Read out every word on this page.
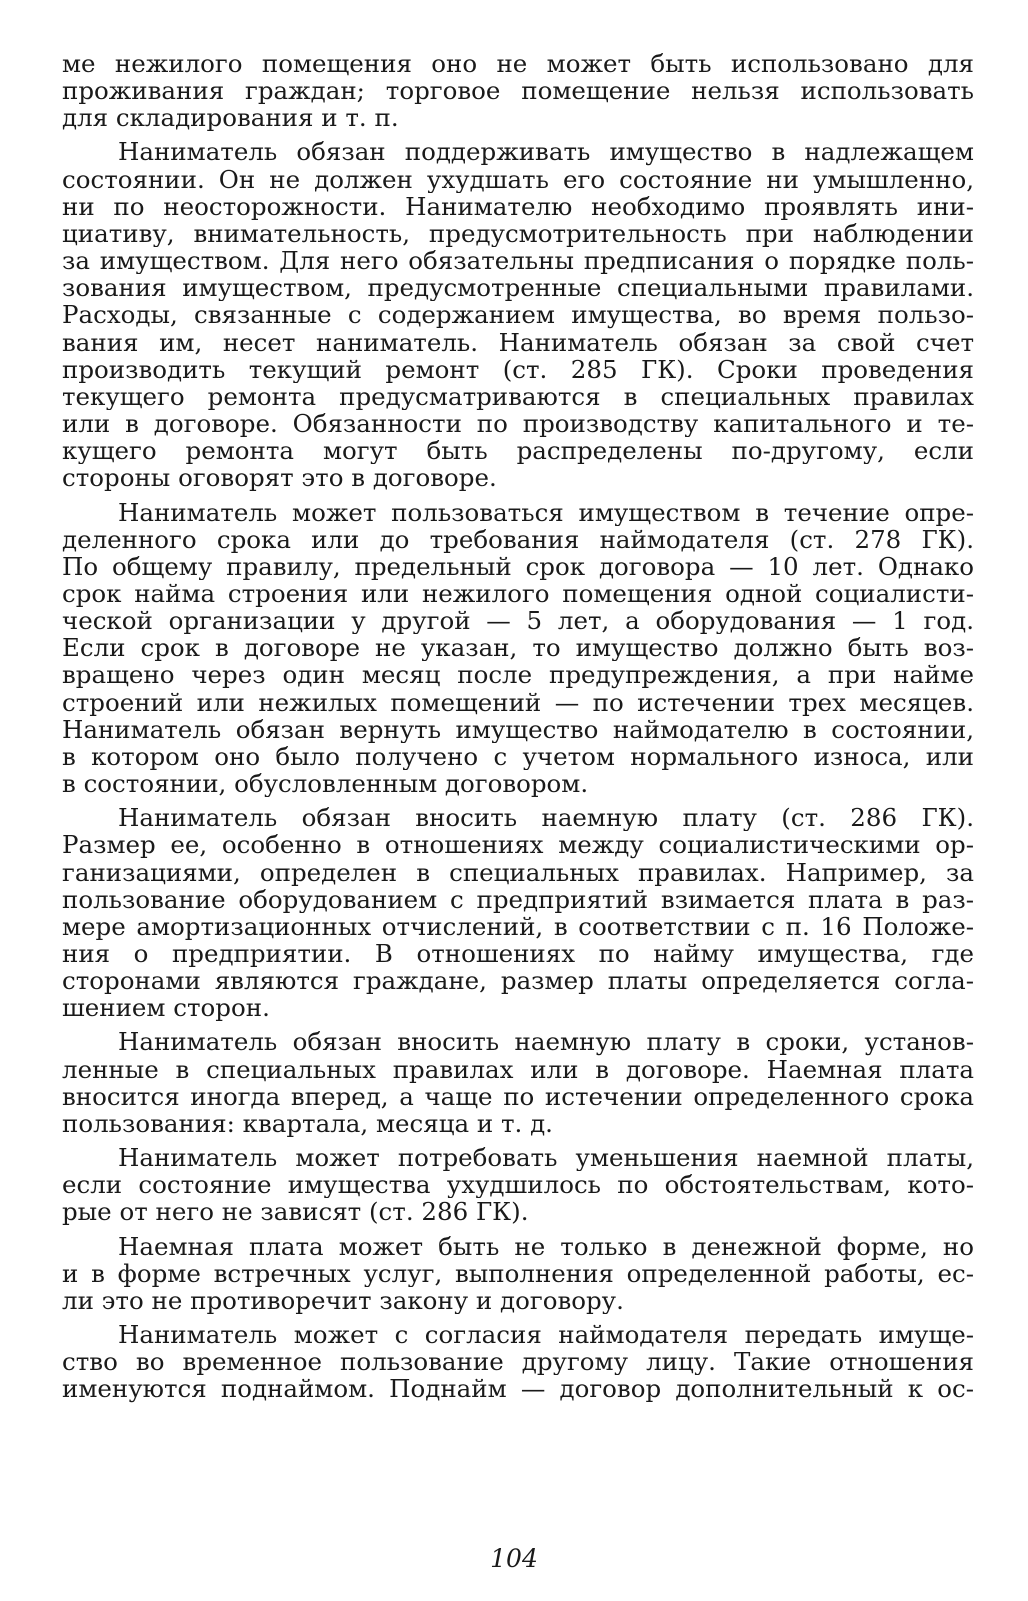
ме нежилого помещения оно не может быть использовано для
проживания граждан; торговое помещение нельзя использовать
для складирования и т. п.

Наниматель обязан поддерживать имущество в надлежащем
состоянии. Он не должен ухудшать его состояние ни умышленно,
ни по неосторожности. Нанимателю необходимо проявлять ини-
циативу, внимательность, предусмотрительность при наблюдении
за имуществом. Для него обязательны предписания о порядке поль-
зования имуществом, предусмотренные специальными правилами.
Расходы, связанные с содержанием имущества, во время пользо-
вания им, несет наниматель. Наниматель обязан за свой счет
производить текущий ремонт (ст. 285 ГК). Сроки проведения
текущего ремонта предусматриваются в специальных правилах
или в договоре. Обязанности по производству капитального и те-
кущего ремонта могут быть распределены по-другому, если
стороны оговорят это в договоре.

Наниматель может пользоваться имуществом в течение опре-
деленного срока или до требования наймодателя (ст. 278 ГК).
По общему правилу, предельный срок договора — 10 лет. Однако
срок найма строения или нежилого помещения одной социалисти-
ческой организации у другой — 5 лет, а оборудования — 1 год.
Если срок в договоре не указан, то имущество должно быть воз-
вращено через один месяц после предупреждения, а при найме
строений или нежилых помещений — по истечении трех месяцев.
Наниматель обязан вернуть имущество наймодателю в состоянии,
в котором оно было получено с учетом нормального износа, или
в состоянии, обусловленным договором.

Наниматель обязан вносить наемную плату (ст. 286 ГК).
Размер ее, особенно в отношениях между социалистическими ор-
ганизациями, определен в специальных правилах. Например, за
пользование оборудованием с предприятий взимается плата в раз-
мере амортизационных отчислений, в соответствии с п. 16 Положе-
ния о предприятии. В отношениях по найму имущества, где
сторонами являются граждане, размер платы определяется согла-
шением сторон.

Наниматель обязан вносить наемную плату в сроки, установ-
ленные в специальных правилах или в договоре. Наемная плата
вносится иногда вперед, а чаще по истечении определенного срока
пользования: квартала, месяца и т. д.

Наниматель может потребовать уменьшения наемной платы,
если состояние имущества ухудшилось по обстоятельствам, кото-
рые от него не зависят (ст. 286 ГК).

Наемная плата может быть не только в денежной форме, но
и в форме встречных услуг, выполнения определенной работы, ес-
ли это не противоречит закону и договору.

Наниматель может с согласия наймодателя передать имуще-
ство во временное пользование другому лицу. Такие отношения
именуются поднаймом. Поднайм — договор дополнительный к ос-

104
